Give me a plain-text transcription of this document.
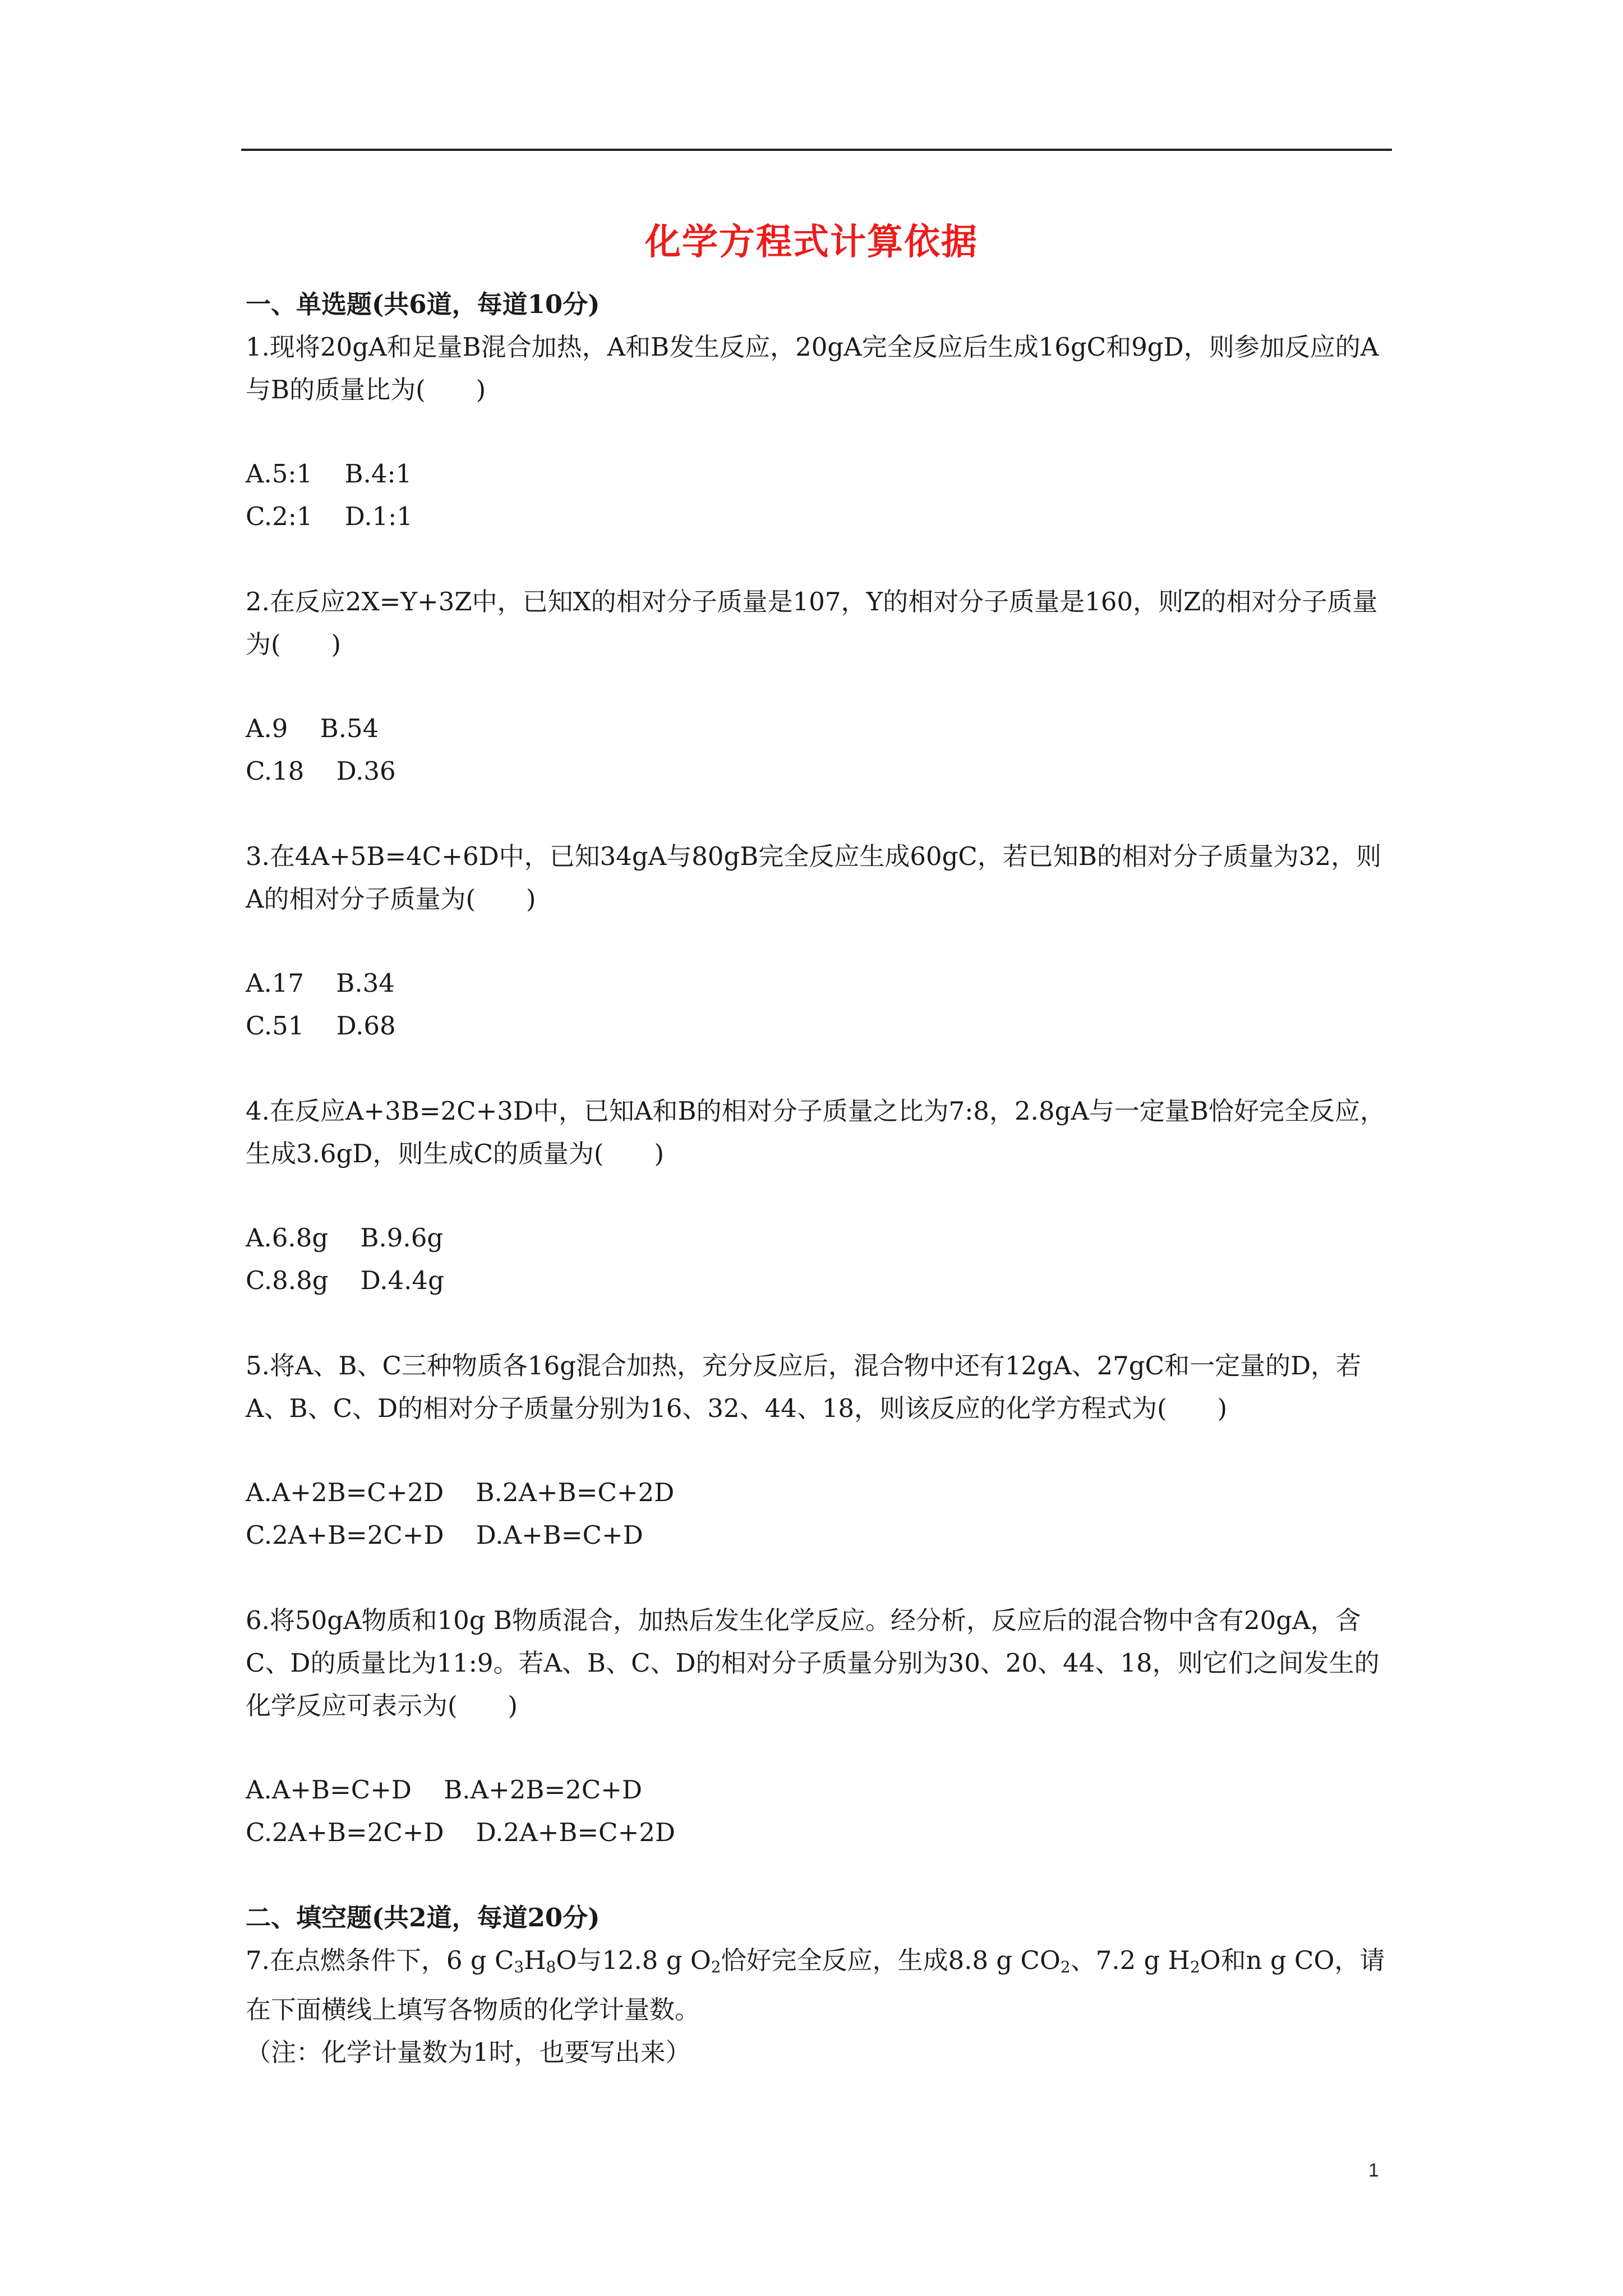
化学方程式计算依据

一、单选题(共6道，每道10分)

1.现将20gA和足量B混合加热，A和B发生反应，20gA完全反应后生成16gC和9gD，则参加反应的A与B的质量比为(　　)

A.5:1    B.4:1
C.2:1    D.1:1

2.在反应2X=Y+3Z中，已知X的相对分子质量是107，Y的相对分子质量是160，则Z的相对分子质量为(　　)

A.9    B.54
C.18    D.36

3.在4A+5B=4C+6D中，已知34gA与80gB完全反应生成60gC，若已知B的相对分子质量为32，则A的相对分子质量为(　　)

A.17    B.34
C.51    D.68

4.在反应A+3B=2C+3D中，已知A和B的相对分子质量之比为7:8，2.8gA与一定量B恰好完全反应，生成3.6gD，则生成C的质量为(　　)

A.6.8g    B.9.6g
C.8.8g    D.4.4g

5.将A、B、C三种物质各16g混合加热，充分反应后，混合物中还有12gA、27gC和一定量的D，若A、B、C、D的相对分子质量分别为16、32、44、18，则该反应的化学方程式为(　　)

A.A+2B=C+2D    B.2A+B=C+2D
C.2A+B=2C+D    D.A+B=C+D

6.将50gA物质和10g B物质混合，加热后发生化学反应。经分析，反应后的混合物中含有20gA，含C、D的质量比为11:9。若A、B、C、D的相对分子质量分别为30、20、44、18，则它们之间发生的化学反应可表示为(　　)

A.A+B=C+D    B.A+2B=2C+D
C.2A+B=2C+D    D.2A+B=C+2D

二、填空题(共2道，每道20分)

7.在点燃条件下，6 g $C_3H_8O$与12.8 g $O_2$恰好完全反应，生成8.8 g $CO_2$、7.2 g $H_2O$和n g CO，请在下面横线上填写各物质的化学计量数。

（注：化学计量数为1时，也要写出来）

1
